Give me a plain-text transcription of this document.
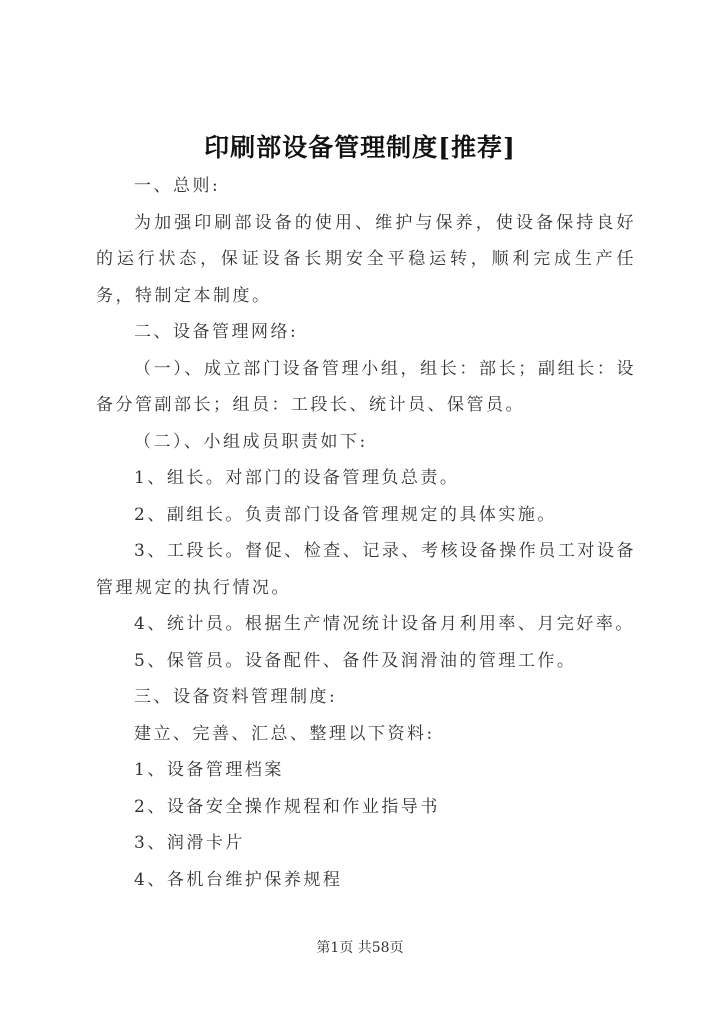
印刷部设备管理制度[推荐]

一、总则:

为加强印刷部设备的使用、维护与保养，使设备保持良好的运行状态，保证设备长期安全平稳运转，顺利完成生产任务，特制定本制度。

二、设备管理网络:

（一）、成立部门设备管理小组，组长：部长；副组长：设备分管副部长；组员：工段长、统计员、保管员。

（二）、小组成员职责如下:

1、组长。对部门的设备管理负总责。

2、副组长。负责部门设备管理规定的具体实施。

3、工段长。督促、检查、记录、考核设备操作员工对设备管理规定的执行情况。

4、统计员。根据生产情况统计设备月利用率、月完好率。

5、保管员。设备配件、备件及润滑油的管理工作。

三、设备资料管理制度:

建立、完善、汇总、整理以下资料:

1、设备管理档案

2、设备安全操作规程和作业指导书

3、润滑卡片

4、各机台维护保养规程

第1页 共58页
